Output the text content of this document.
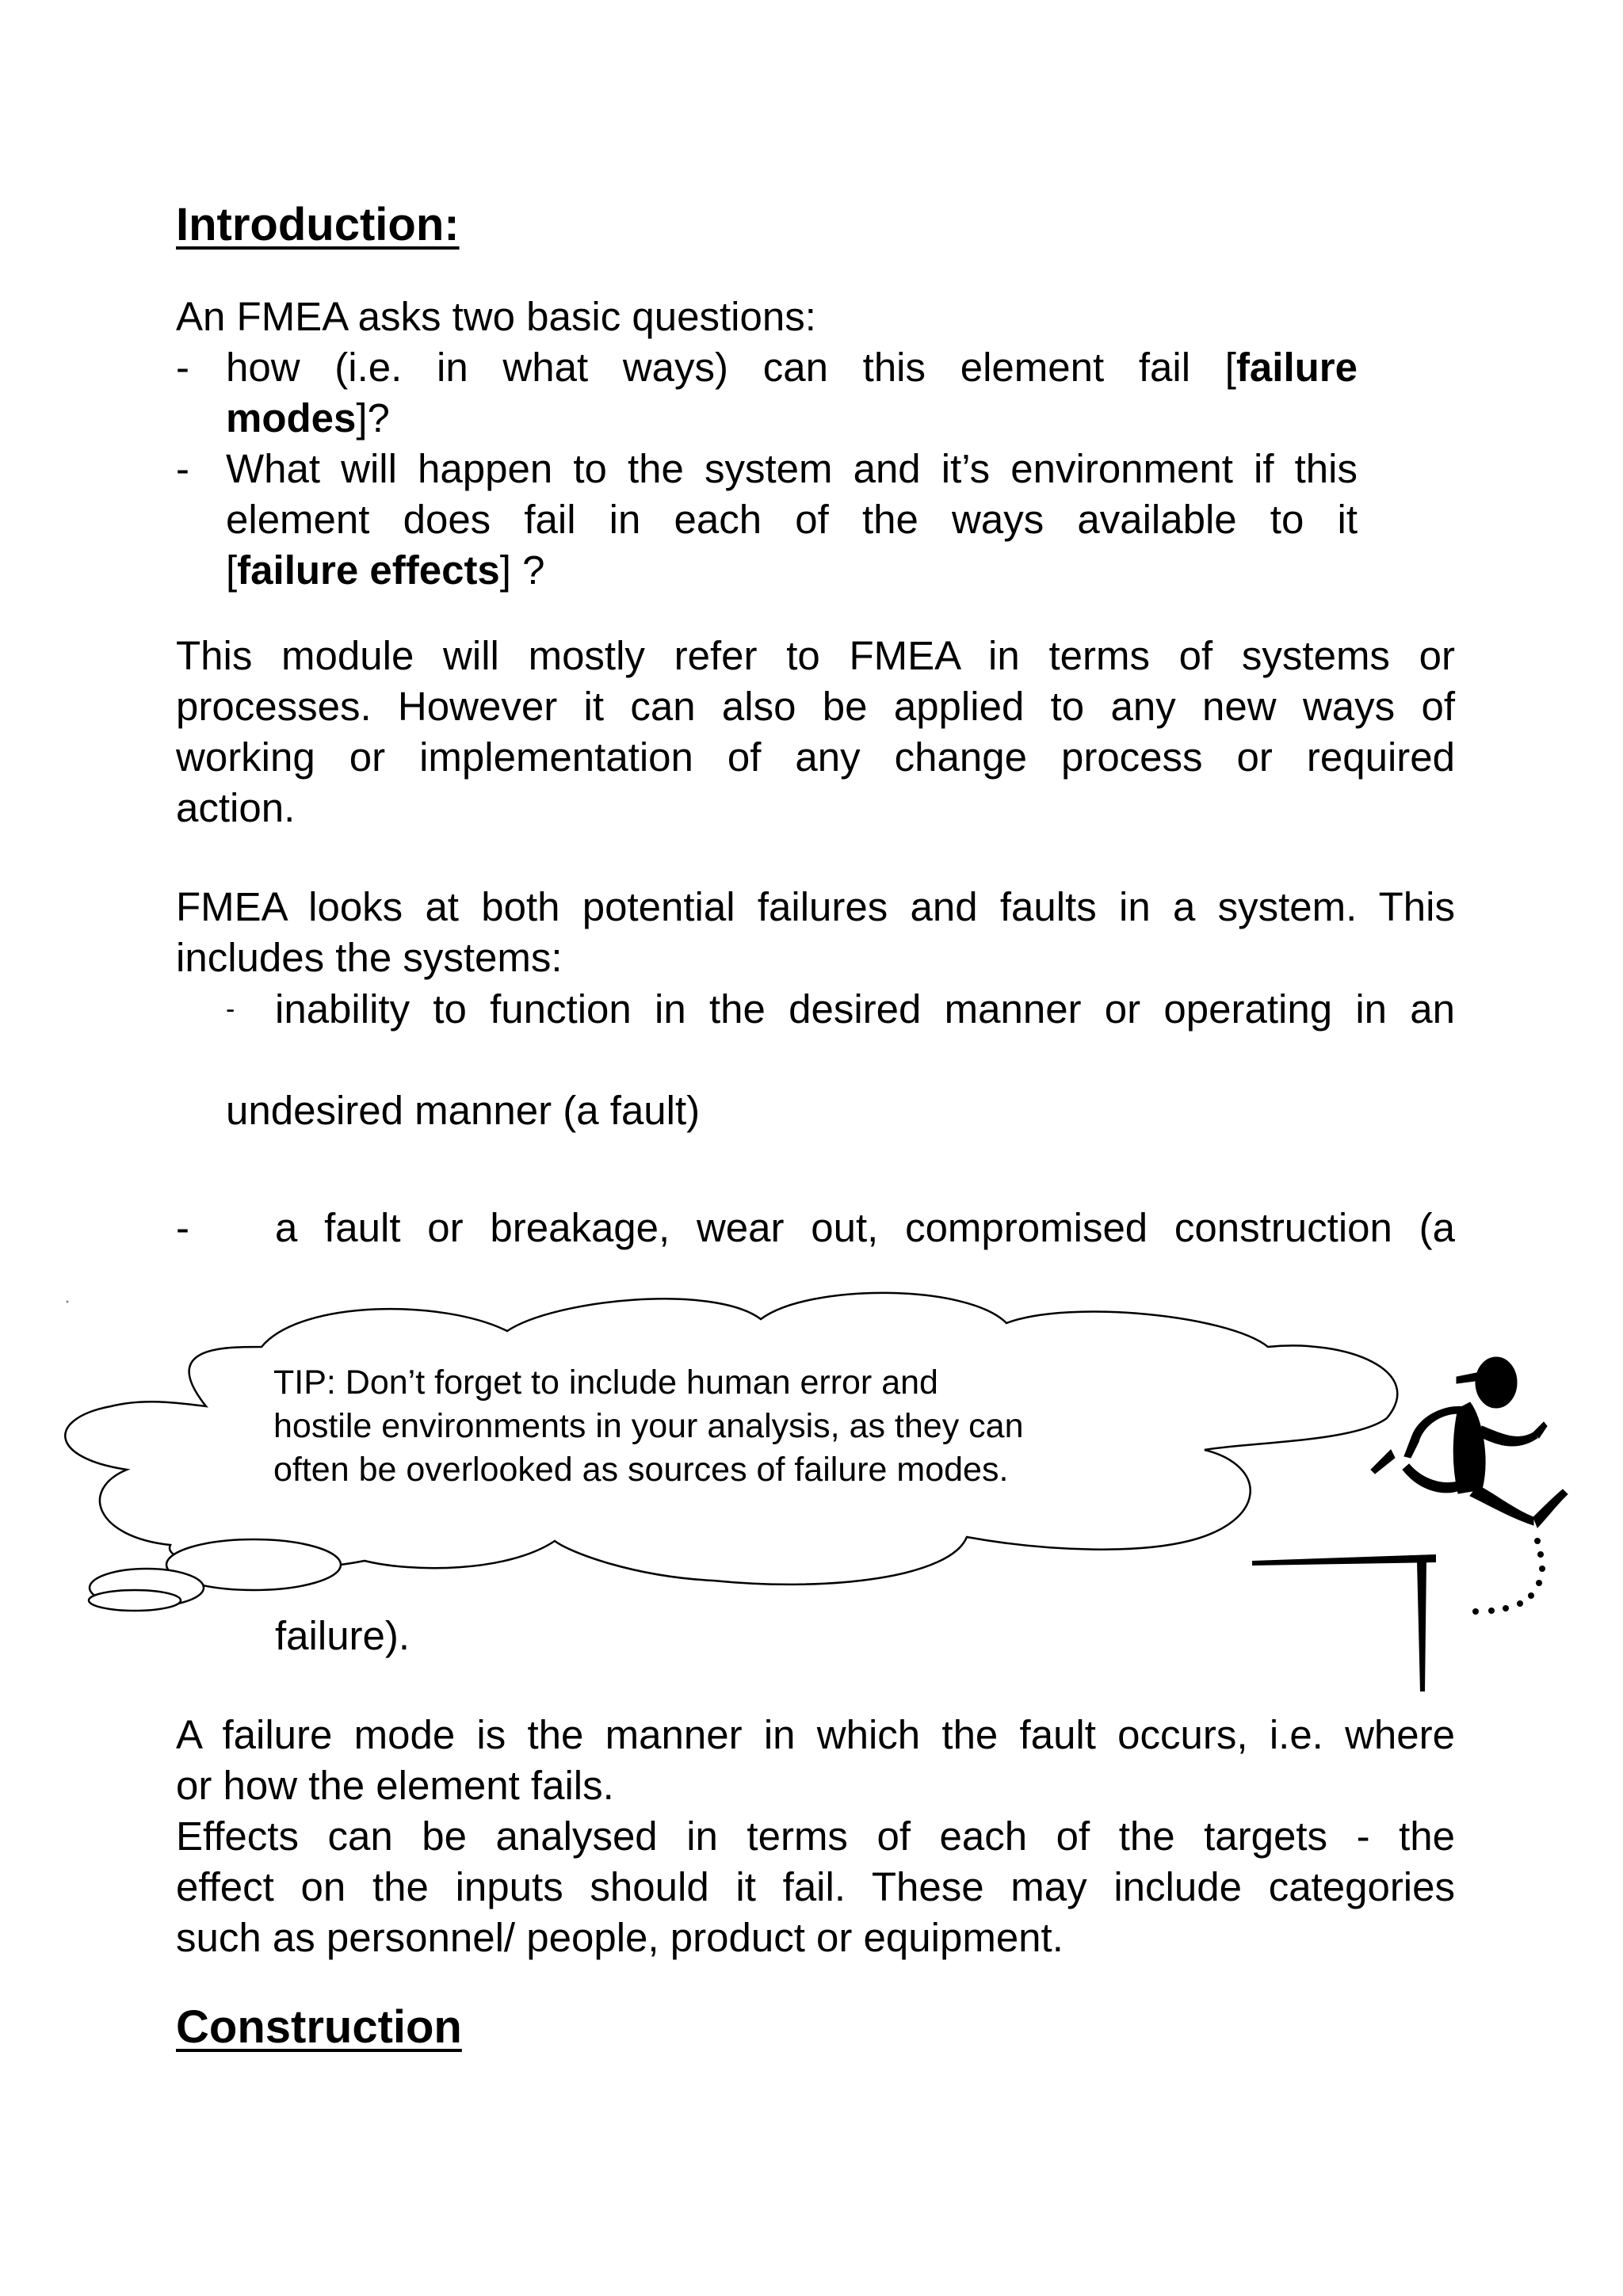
Introduction:

An FMEA asks two basic questions:

- how (i.e. in what ways) can this element fail [failure
modes]?
- What will happen to the system and it’s environment if this
element does fail in each of the ways available to it
[failure effects] ?

This module will mostly refer to FMEA in terms of systems or

processes. However it can also be applied to any new ways of

working or implementation of any change process or required

action.

FMEA looks at both potential failures and faults in a system. This

includes the systems:

- inability to function in the desired manner or operating in an
undesired manner (a fault)
- a fault or breakage, wear out, compromised construction (a
TIP: Don’t forget to include human error and
hostile environments in your analysis, as they can
often be overlooked as sources of failure modes.
failure).

A failure mode is the manner in which the fault occurs, i.e. where

or how the element fails.

Effects can be analysed in terms of each of the targets - the

effect on the inputs should it fail. These may include categories

such as personnel/ people, product or equipment.

Construction
